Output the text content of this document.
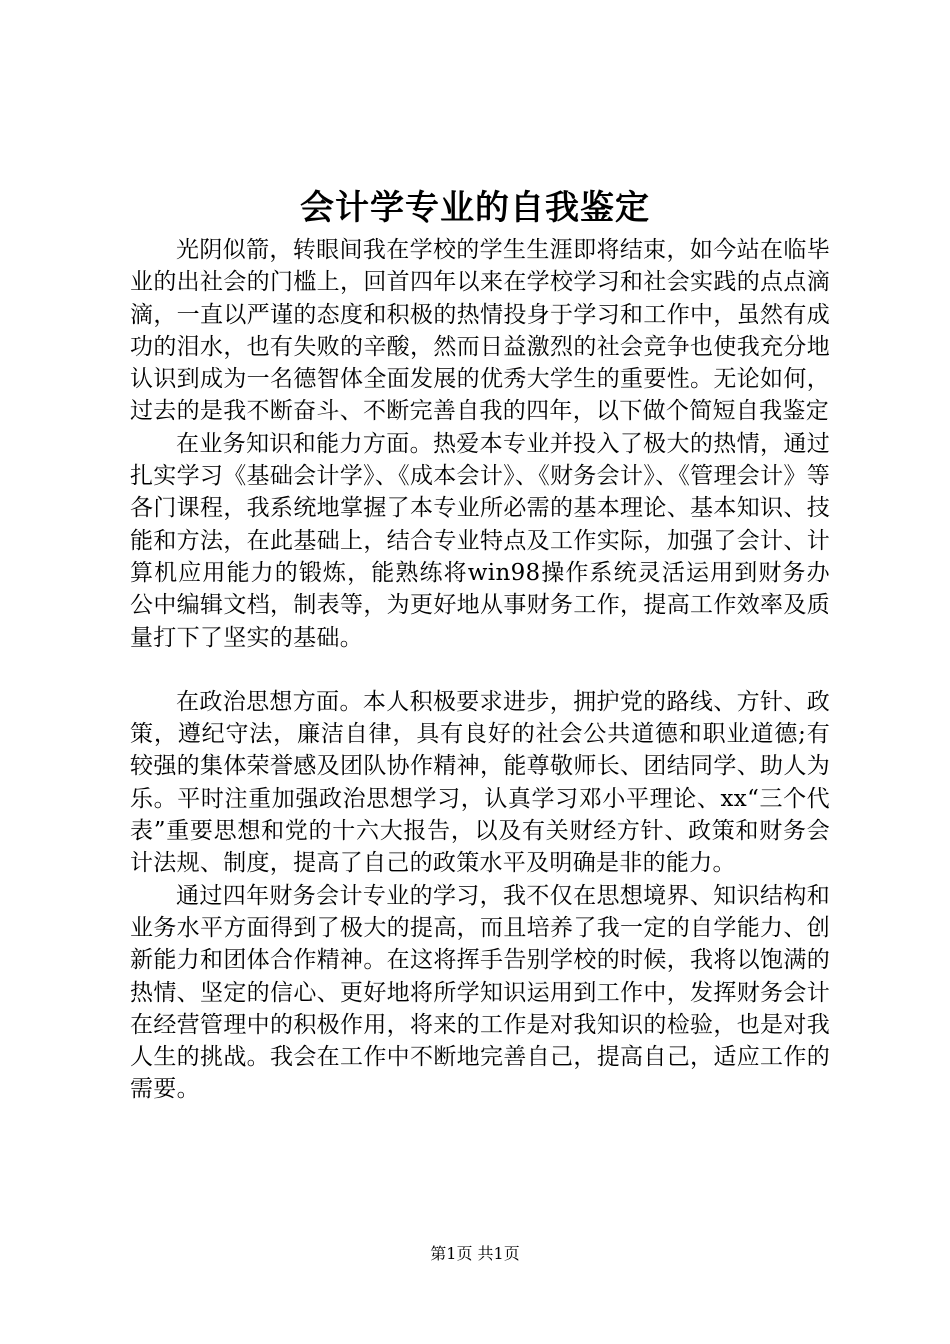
会计学专业的自我鉴定

光阴似箭，转眼间我在学校的学生生涯即将结束，如今站在临毕业的出社会的门槛上，回首四年以来在学校学习和社会实践的点点滴滴，一直以严谨的态度和积极的热情投身于学习和工作中，虽然有成功的泪水，也有失败的辛酸，然而日益激烈的社会竞争也使我充分地认识到成为一名德智体全面发展的优秀大学生的重要性。无论如何，过去的是我不断奋斗、不断完善自我的四年，以下做个简短自我鉴定

在业务知识和能力方面。热爱本专业并投入了极大的热情，通过扎实学习《基础会计学》、《成本会计》、《财务会计》、《管理会计》等各门课程，我系统地掌握了本专业所必需的基本理论、基本知识、技能和方法，在此基础上，结合专业特点及工作实际，加强了会计、计算机应用能力的锻炼，能熟练将win98操作系统灵活运用到财务办公中编辑文档，制表等，为更好地从事财务工作，提高工作效率及质量打下了坚实的基础。

在政治思想方面。本人积极要求进步，拥护党的路线、方针、政策，遵纪守法，廉洁自律，具有良好的社会公共道德和职业道德;有较强的集体荣誉感及团队协作精神，能尊敬师长、团结同学、助人为乐。平时注重加强政治思想学习，认真学习邓小平理论、xx“三个代表”重要思想和党的十六大报告，以及有关财经方针、政策和财务会计法规、制度，提高了自己的政策水平及明确是非的能力。

通过四年财务会计专业的学习，我不仅在思想境界、知识结构和业务水平方面得到了极大的提高，而且培养了我一定的自学能力、创新能力和团体合作精神。在这将挥手告别学校的时候，我将以饱满的热情、坚定的信心、更好地将所学知识运用到工作中，发挥财务会计在经营管理中的积极作用，将来的工作是对我知识的检验，也是对我人生的挑战。我会在工作中不断地完善自己，提高自己，适应工作的需要。

第1页 共1页
